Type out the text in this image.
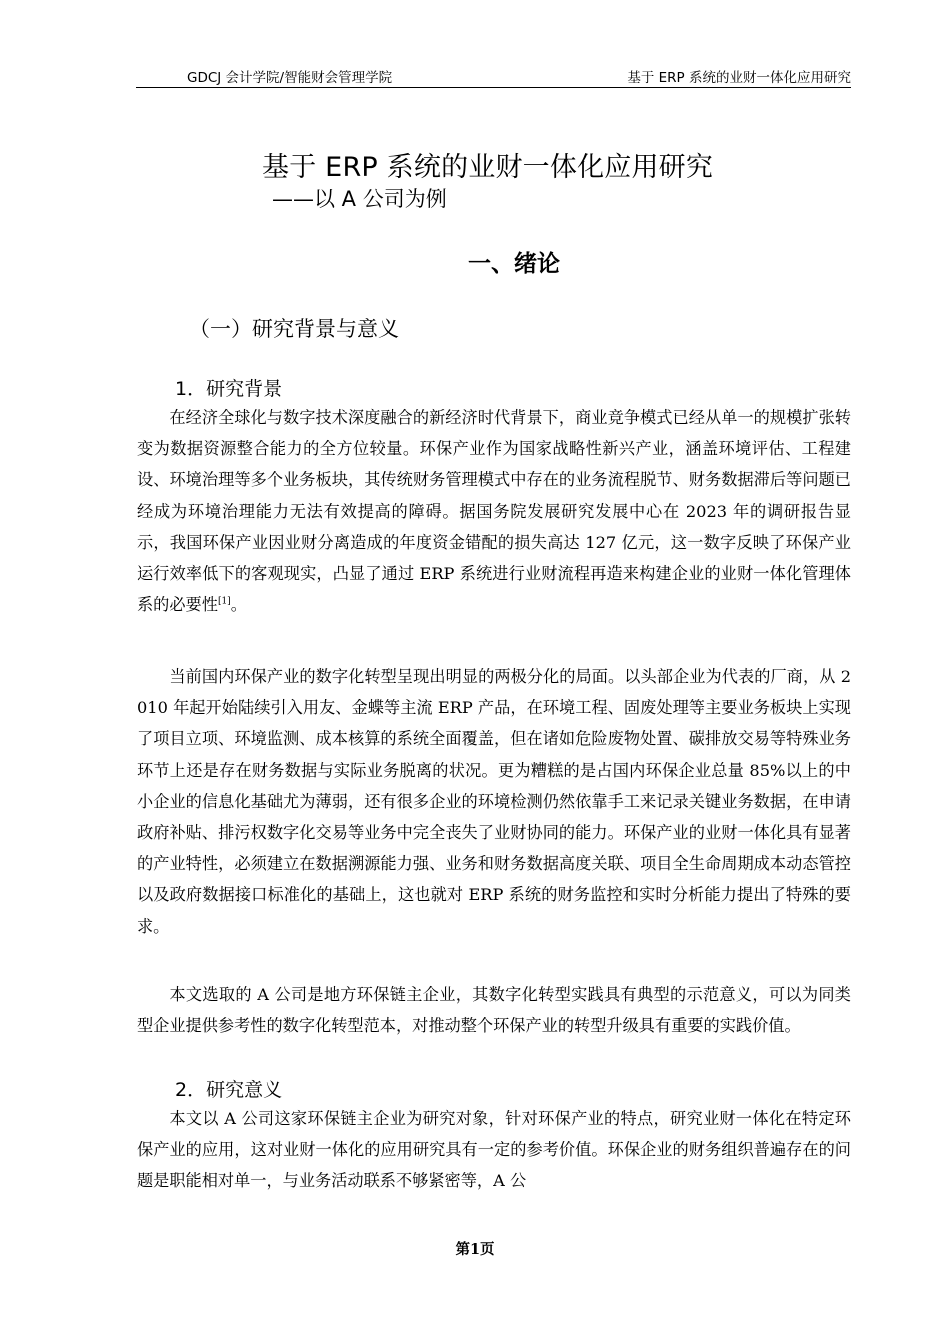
GDCJ 会计学院/智能财会管理学院	基于 ERP 系统的业财一体化应用研究
基于 ERP 系统的业财一体化应用研究
——以 A 公司为例
一、绪论
（一）研究背景与意义
1．研究背景

在经济全球化与数字技术深度融合的新经济时代背景下，商业竞争模式已经从单一的规模扩张转变为数据资源整合能力的全方位较量。环保产业作为国家战略性新兴产业，涵盖环境评估、工程建设、环境治理等多个业务板块，其传统财务管理模式中存在的业务流程脱节、财务数据滞后等问题已经成为环境治理能力无法有效提高的障碍。据国务院发展研究发展中心在 2023 年的调研报告显示，我国环保产业因业财分离造成的年度资金错配的损失高达 127 亿元，这一数字反映了环保产业运行效率低下的客观现实，凸显了通过 ERP 系统进行业财流程再造来构建企业的业财一体化管理体系的必要性[1]。

当前国内环保产业的数字化转型呈现出明显的两极分化的局面。以头部企业为代表的厂商，从 2010 年起开始陆续引入用友、金蝶等主流 ERP 产品，在环境工程、固废处理等主要业务板块上实现了项目立项、环境监测、成本核算的系统全面覆盖，但在诸如危险废物处置、碳排放交易等特殊业务环节上还是存在财务数据与实际业务脱离的状况。更为糟糕的是占国内环保企业总量 85%以上的中小企业的信息化基础尤为薄弱，还有很多企业的环境检测仍然依靠手工来记录关键业务数据，在申请政府补贴、排污权数字化交易等业务中完全丧失了业财协同的能力。环保产业的业财一体化具有显著的产业特性，必须建立在数据溯源能力强、业务和财务数据高度关联、项目全生命周期成本动态管控以及政府数据接口标准化的基础上，这也就对 ERP 系统的财务监控和实时分析能力提出了特殊的要求。

本文选取的 A 公司是地方环保链主企业，其数字化转型实践具有典型的示范意义，可以为同类型企业提供参考性的数字化转型范本，对推动整个环保产业的转型升级具有重要的实践价值。

2．研究意义

本文以 A 公司这家环保链主企业为研究对象，针对环保产业的特点，研究业财一体化在特定环保产业的应用，这对业财一体化的应用研究具有一定的参考价值。环保企业的财务组织普遍存在的问题是职能相对单一，与业务活动联系不够紧密等，A 公

第1页
